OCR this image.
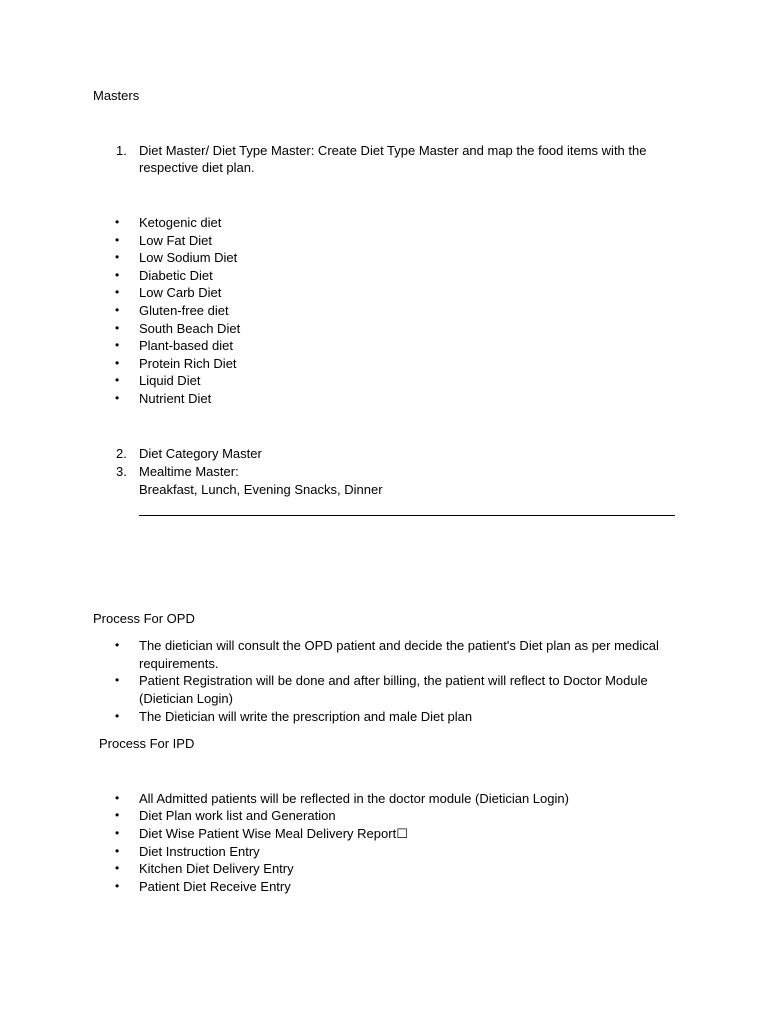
Masters
1. Diet Master/ Diet Type Master: Create Diet Type Master and map the food items with the
respective diet plan.
• Ketogenic diet
• Low Fat Diet
• Low Sodium Diet
• Diabetic Diet
• Low Carb Diet
• Gluten-free diet
• South Beach Diet
• Plant-based diet
• Protein Rich Diet
• Liquid Diet
• Nutrient Diet
2. Diet Category Master
3. Mealtime Master:
Breakfast, Lunch, Evening Snacks, Dinner
Process For OPD
• The dietician will consult the OPD patient and decide the patient's Diet plan as per medical
requirements.
• Patient Registration will be done and after billing, the patient will reflect to Doctor Module
(Dietician Login)
• The Dietician will write the prescription and male Diet plan
Process For IPD
• All Admitted patients will be reflected in the doctor module (Dietician Login)
• Diet Plan work list and Generation
• Diet Wise Patient Wise Meal Delivery Report☐
• Diet Instruction Entry
• Kitchen Diet Delivery Entry
• Patient Diet Receive Entry
